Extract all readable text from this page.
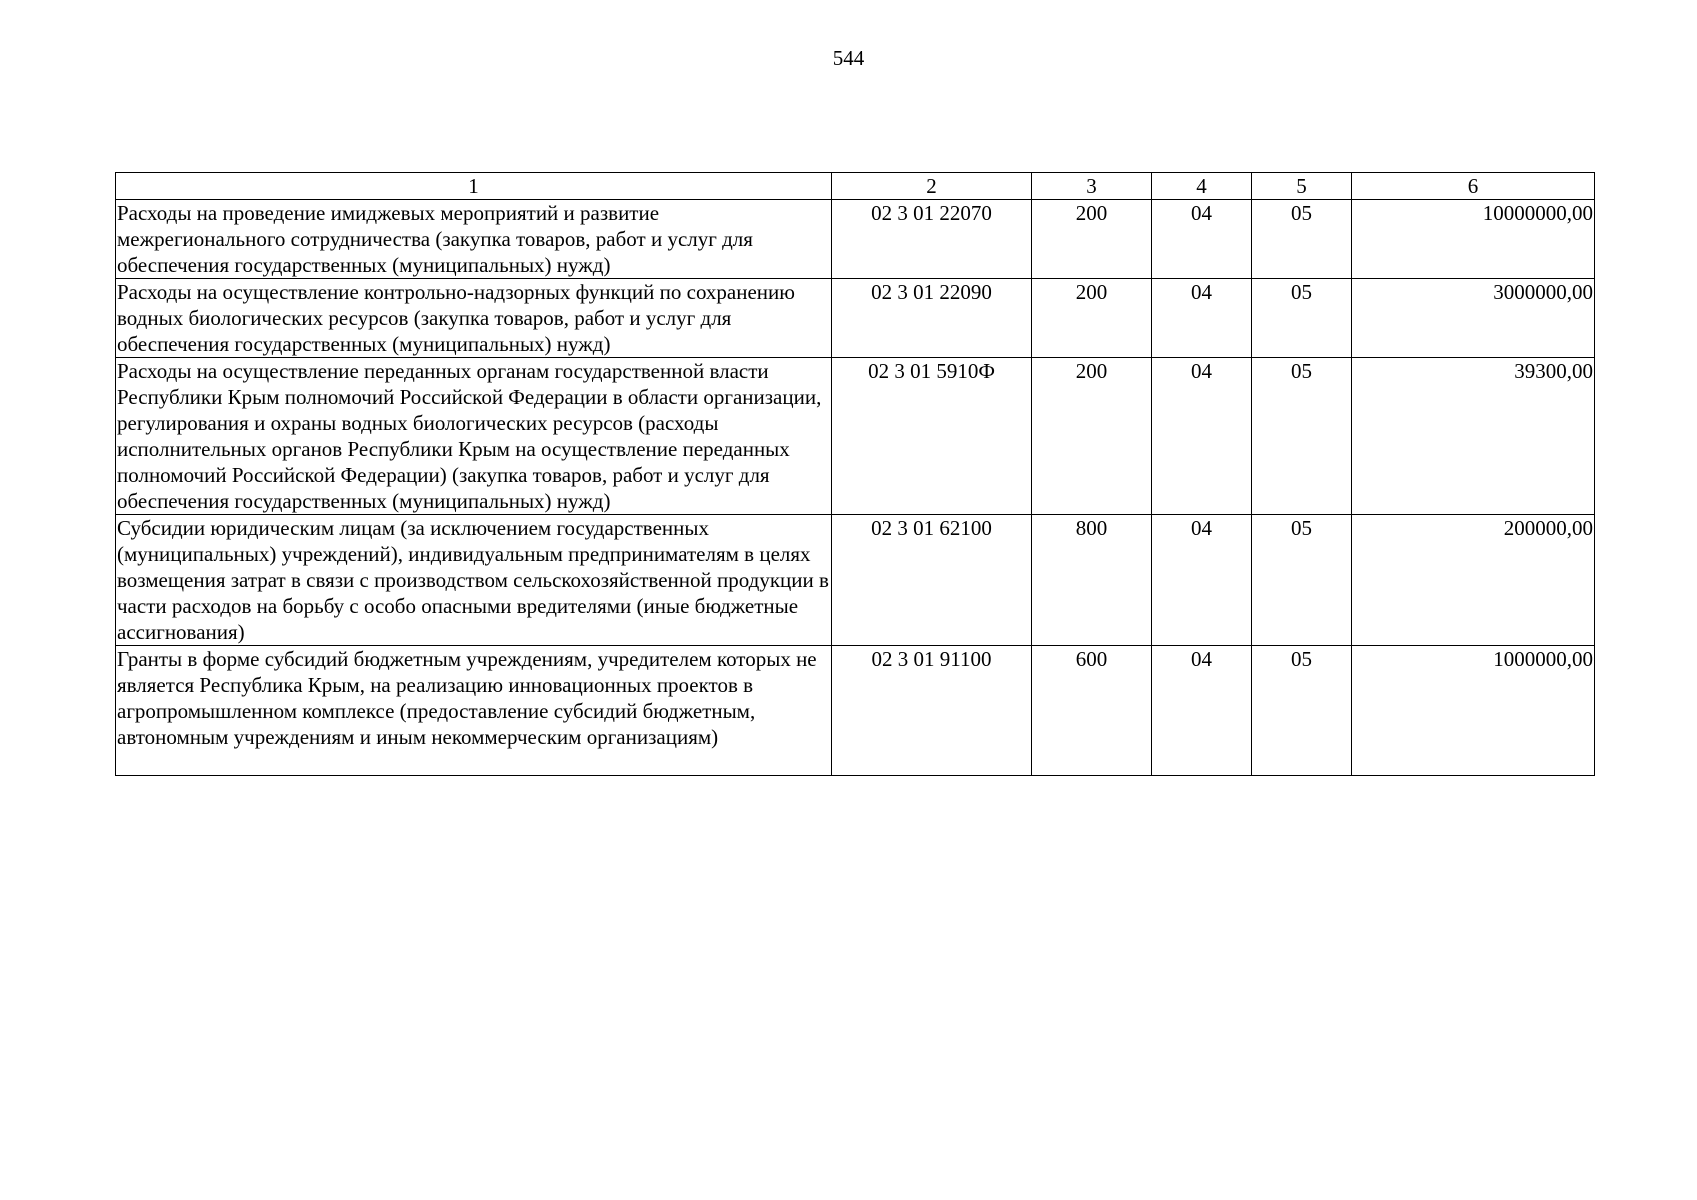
544
1	2	3	4	5	6
Расходы на проведение имиджевых мероприятий и развитие межрегионального сотрудничества (закупка товаров, работ и услуг для обеспечения государственных (муниципальных) нужд)	02 3 01 22070	200	04	05	10000000,00
Расходы на осуществление контрольно-надзорных функций по сохранению водных биологических ресурсов (закупка товаров, работ и услуг для обеспечения государственных (муниципальных) нужд)	02 3 01 22090	200	04	05	3000000,00
Расходы на осуществление переданных органам государственной власти Республики Крым полномочий Российской Федерации в области организации, регулирования и охраны водных биологических ресурсов (расходы исполнительных органов Республики Крым на осуществление переданных полномочий Российской Федерации) (закупка товаров, работ и услуг для обеспечения государственных (муниципальных) нужд)	02 3 01 5910Ф	200	04	05	39300,00
Субсидии юридическим лицам (за исключением государственных (муниципальных) учреждений), индивидуальным предпринимателям в целях возмещения затрат в связи с производством сельскохозяйственной продукции в части расходов на борьбу с особо опасными вредителями (иные бюджетные ассигнования)	02 3 01 62100	800	04	05	200000,00
Гранты в форме субсидий бюджетным учреждениям, учредителем которых не является Республика Крым, на реализацию инновационных проектов в агропромышленном комплексе (предоставление субсидий бюджетным, автономным учреждениям и иным некоммерческим организациям)	02 3 01 91100	600	04	05	1000000,00
